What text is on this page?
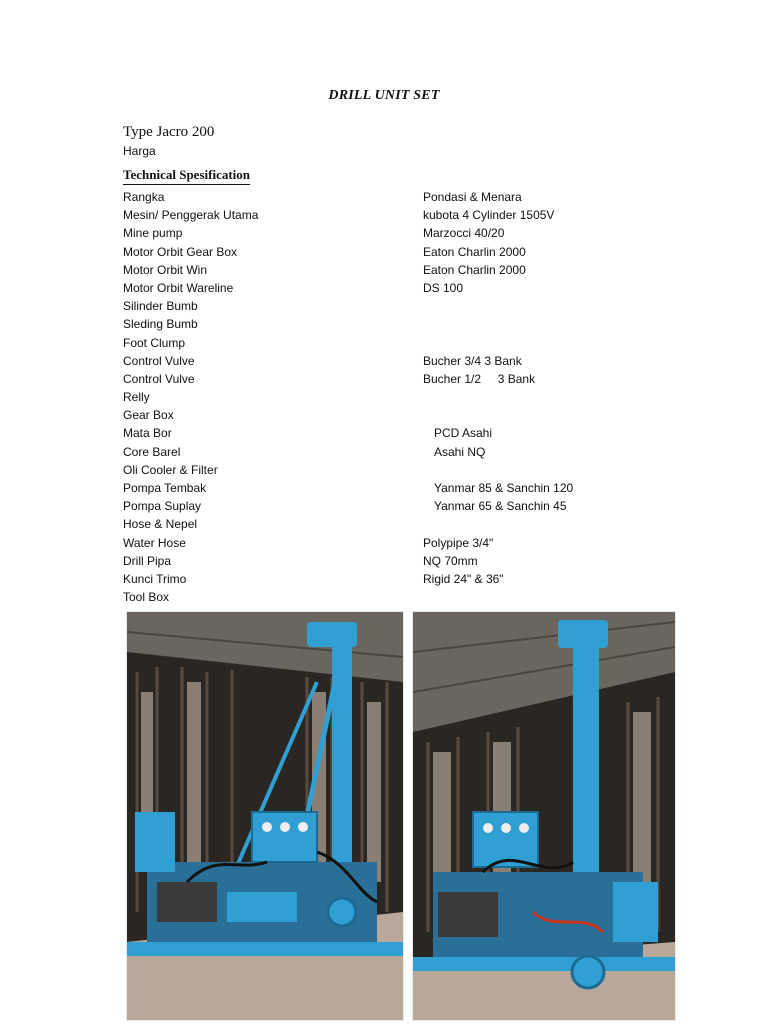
DRILL UNIT SET
Type Jacro 200
Harga
Technical Spesification
Rangka	Pondasi & Menara
Mesin/ Penggerak Utama	kubota 4 Cylinder 1505V
Mine pump	Marzocci 40/20
Motor Orbit Gear Box	Eaton Charlin 2000
Motor Orbit Win	Eaton Charlin 2000
Motor Orbit Wareline	DS 100
Silinder Bumb
Sleding Bumb
Foot Clump
Control Vulve	Bucher 3/4 3 Bank
Control Vulve	Bucher 1/2     3 Bank
Relly
Gear Box
Mata Bor	PCD Asahi
Core Barel	Asahi NQ
Oli Cooler & Filter
Pompa Tembak	Yanmar 85 & Sanchin 120
Pompa Suplay	Yanmar 65 & Sanchin 45
Hose & Nepel
Water Hose	Polypipe 3/4"
Drill Pipa	NQ 70mm
Kunci Trimo	Rigid 24" & 36"
Tool Box
